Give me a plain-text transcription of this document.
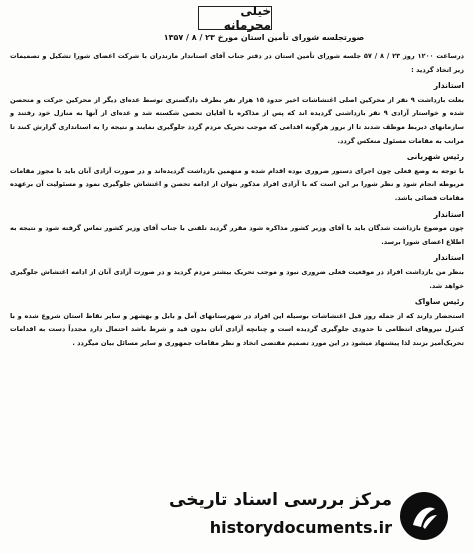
خیلی محرمانه
صورتجلسه شورای تأمین استان مورخ ۲۳ / ۸ / ۱۳۵۷

درساعت ۱۲۰۰ روز ۲۳ / ۸ / ۵۷ جلسه شورای تأمین استان در دفتر جناب آقای استاندار مازندران با شرکت اعضای شورا تشکیل و تصمیمات زیر اتخاذ گردید :

استاندار

بعلت بازداشت ۹ نفر از محرکین اصلی اغتشاشات اخیر حدود ۱۵ هزار نفر بطرف دادگستری توسط عده‌ای دیگر از محرکین حرکت و متحصن شده و خواستار آزادی ۹ نفر بازداشتی گردیده اند که پس از مذاکره با آقایان تحصن شکسته شد و عده‌ای از آنها به منازل خود رفتند و سازمانهای ذیربط موظف شدند تا از بروز هرگونه اقدامی که موجب تحریک مردم گردد جلوگیری نمایند و نتیجه را به استانداری گزارش کنند تا مراتب به مقامات مسئول منعکس گردد.

رئیس شهربانی

با توجه به وضع فعلی چون اجرای دستور ضروری بوده اقدام شده و متهمین بازداشت گردیده‌اند و در صورت آزادی آنان باید با مجوز مقامات مربوطه انجام شود و نظر شورا بر این است که با آزادی افراد مذکور بتوان از ادامه تحصن و اغتشاش جلوگیری نمود و مسئولیت آن برعهده مقامات قضائی باشد.

استاندار

چون موضوع بازداشت شدگان باید با آقای وزیر کشور مذاکره شود مقرر گردید تلفنی با جناب آقای وزیر کشور تماس گرفته شود و نتیجه به اطلاع اعضای شورا برسد.

استاندار

بنظر من بازداشت افراد در موقعیت فعلی ضروری نبود و موجب تحریک بیشتر مردم گردید و در صورت آزادی آنان از ادامه اغتشاش جلوگیری خواهد شد.

رئیس ساواک

استحضار دارند که از جمله روز قبل اغتشاشات بوسیله این افراد در شهرستانهای آمل و بابل و بهشهر و سایر نقاط استان شروع شده و با کنترل نیروهای انتظامی تا حدودی جلوگیری گردیده است و چنانچه آزادی آنان بدون قید و شرط باشد احتمال دارد مجدداً دست به اقدامات تحریک‌آمیز بزنند لذا پیشنهاد میشود در این مورد تصمیم مقتضی اتخاذ و نظر مقامات جمهوری و سایر مسائل بیان میگردد .

مرکز بررسی اسناد تاریخی
historydocuments.ir
